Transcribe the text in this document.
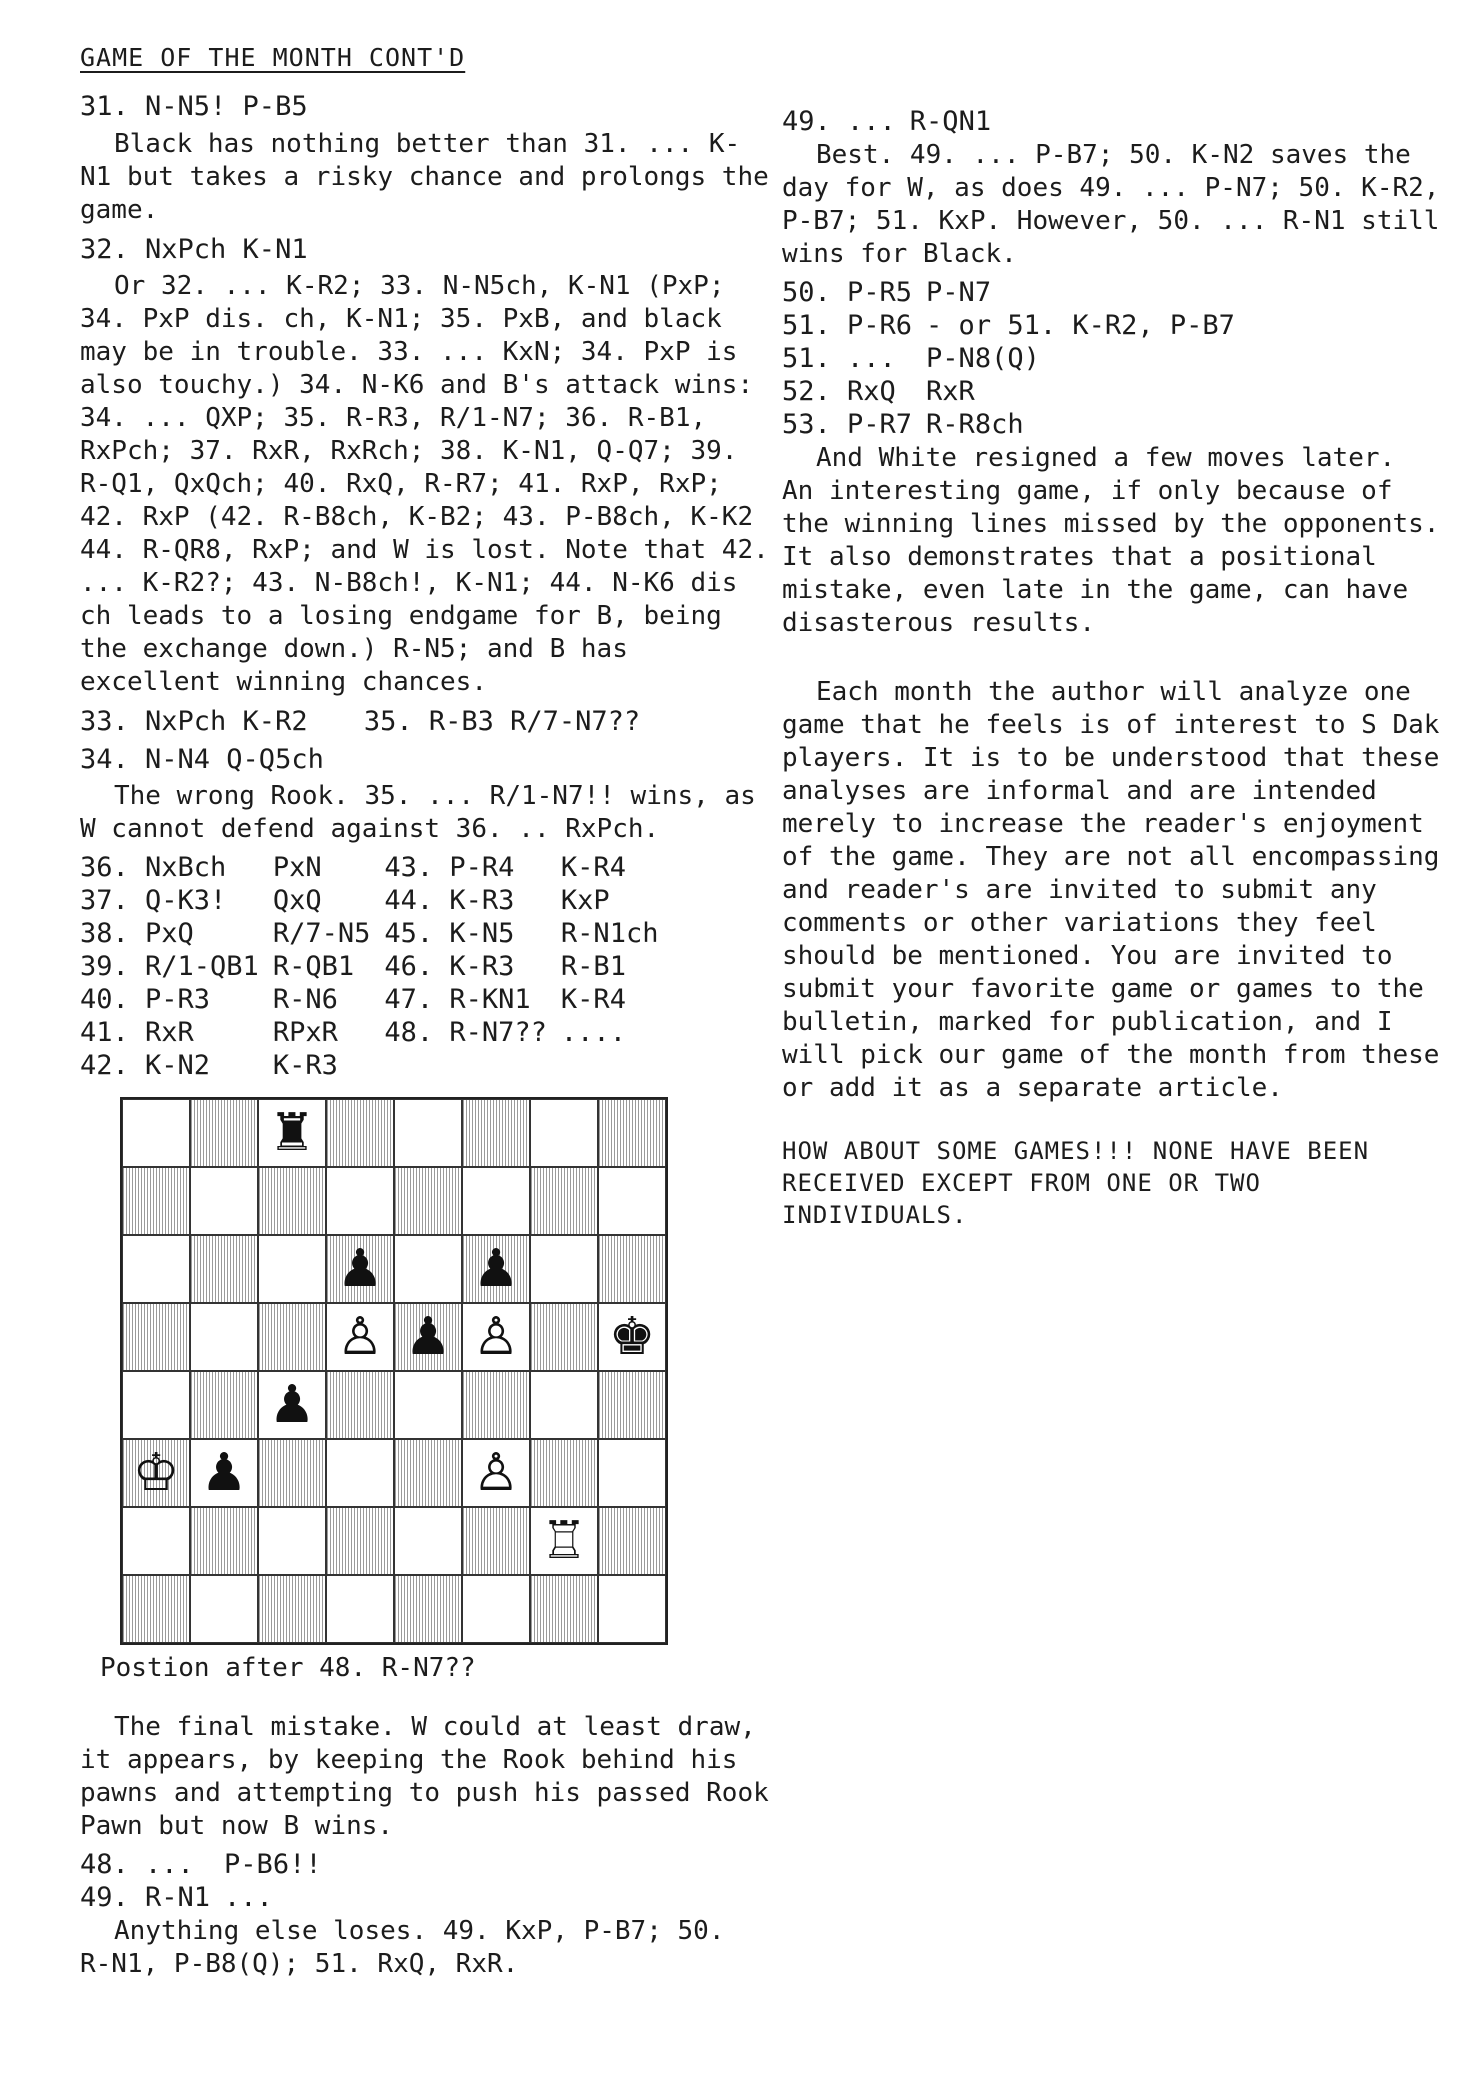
GAME OF THE MONTH CONT'D
31. N-N5! P-B5
Black has nothing better than 31. ... K-N1 but takes a risky chance and prolongs the game.
32. NxPch K-N1
Or 32. ... K-R2; 33. N-N5ch, K-N1 (PxP; 34. PxP dis. ch, K-N1; 35. PxB, and black may be in trouble. 33. ... KxN; 34. PxP is also touchy.) 34. N-K6 and B's attack wins: 34. ... QXP; 35. R-R3, R/1-N7; 36. R-B1, RxPch; 37. RxR, RxRch; 38. K-N1, Q-Q7; 39. R-Q1, QxQch; 40. RxQ, R-R7; 41. RxP, RxP; 42. RxP (42. R-B8ch, K-B2; 43. P-B8ch, K-K2 44. R-QR8, RxP; and W is lost. Note that 42. ... K-R2?; 43. N-B8ch!, K-N1; 44. N-K6 dis ch leads to a losing endgame for B, being the exchange down.) R-N5; and B has excellent winning chances.
33. NxPch K-R2
34. N-N4 Q-Q5ch
35. R-B3 R/7-N7??
The wrong Rook. 35. ... R/1-N7!! wins, as W cannot defend against 36. .. RxPch.
36. NxBch	PxN	43. P-R4	K-R4
37. Q-K3!	QxQ	44. K-R3	KxP
38. PxQ	R/7-N5	45. K-N5	R-N1ch
39. R/1-QB1	R-QB1	46. K-R3	R-B1
40. P-R3	R-N6	47. R-KN1	K-R4
41. RxR	RPxR	48. R-N7??	....
42. K-N2	K-R3		
♜
♟ ♟
♙ ♟ ♙ ♚
♟
♔ ♟	♙
♖
Postion after 48. R-N7??
The final mistake. W could at least draw, it appears, by keeping the Rook behind his pawns and attempting to push his passed Rook Pawn but now B wins.
48. ...	P-B6!!
49. R-N1	...
Anything else loses. 49. KxP, P-B7; 50. R-N1, P-B8(Q); 51. RxQ, RxR.
49. ...	R-QN1
Best. 49. ... P-B7; 50. K-N2 saves the day for W, as does 49. ... P-N7; 50. K-R2, P-B7; 51. KxP. However, 50. ... R-N1 still wins for Black.
50. P-R5	P-N7
51. P-R6	- or 51. K-R2, P-B7
51. ...	P-N8(Q)
52. RxQ	RxR
53. P-R7	R-R8ch
And White resigned a few moves later. An interesting game, if only because of the winning lines missed by the opponents. It also demonstrates that a positional mistake, even late in the game, can have disasterous results.
Each month the author will analyze one game that he feels is of interest to S Dak players. It is to be understood that these analyses are informal and are intended merely to increase the reader's enjoyment of the game. They are not all encompassing and reader's are invited to submit any comments or other variations they feel should be mentioned. You are invited to submit your favorite game or games to the bulletin, marked for publication, and I will pick our game of the month from these or add it as a separate article.
HOW ABOUT SOME GAMES!!! NONE HAVE BEEN RECEIVED EXCEPT FROM ONE OR TWO INDIVIDUALS.
